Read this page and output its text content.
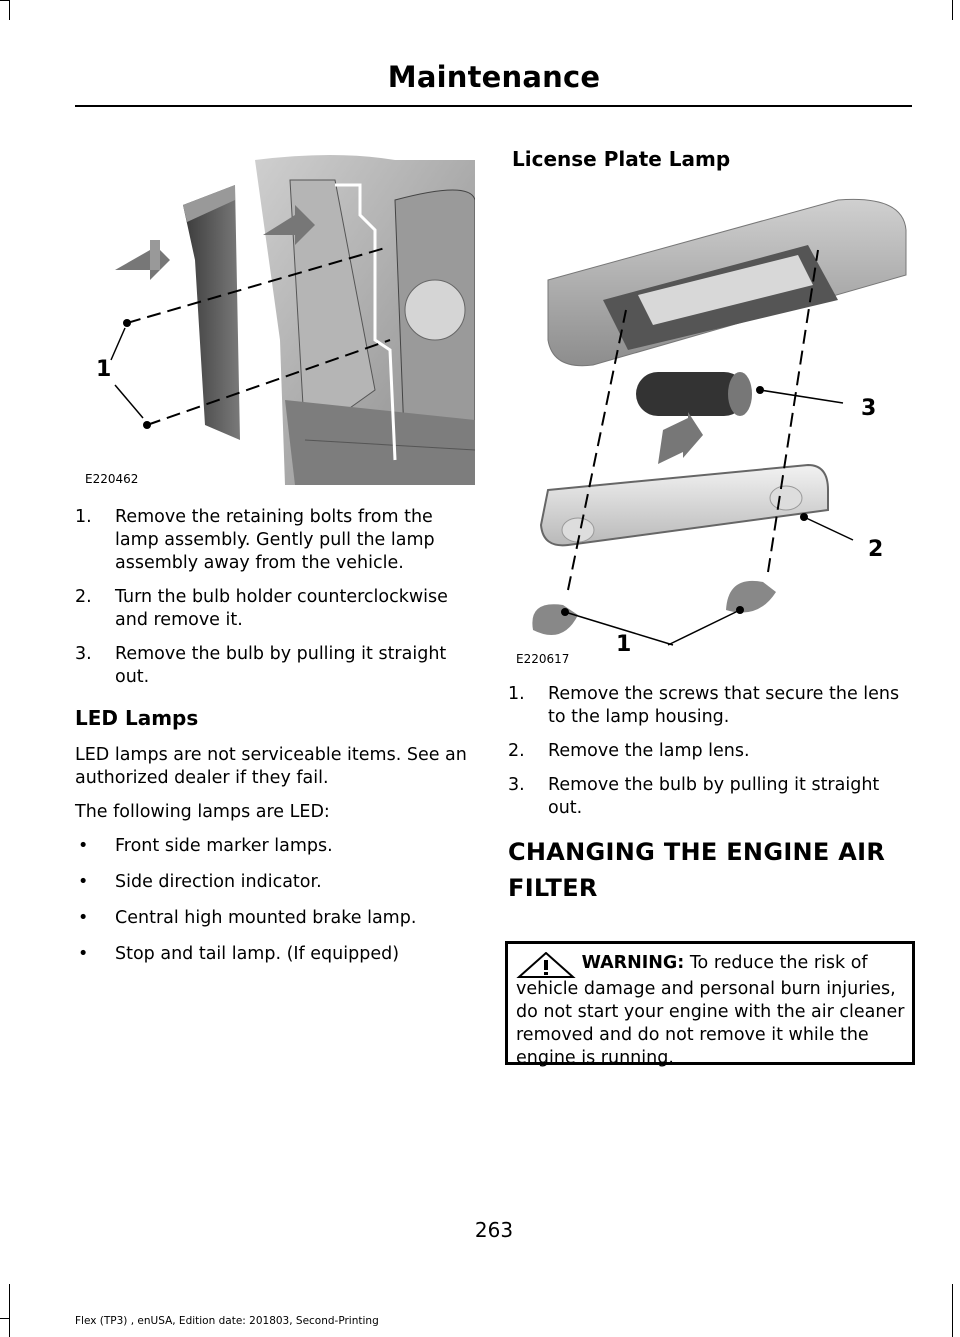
Maintenance
1
E220462
1. Remove the retaining bolts from the lamp assembly. Gently pull the lamp assembly away from the vehicle.
2. Turn the bulb holder counterclockwise and remove it.
3. Remove the bulb by pulling it straight out.
LED Lamps

LED lamps are not serviceable items. See an authorized dealer if they fail.

The following lamps are LED:

• Front side marker lamps.
• Side direction indicator.
• Central high mounted brake lamp.
• Stop and tail lamp. (If equipped)
License Plate Lamp
1
2
3
E220617
1. Remove the screws that secure the lens to the lamp housing.
2. Remove the lamp lens.
3. Remove the bulb by pulling it straight out.
CHANGING THE ENGINE AIR
FILTER
WARNING: To reduce the risk of vehicle damage and personal burn injuries, do not start your engine with the air cleaner removed and do not remove it while the engine is running.
263
Flex (TP3) , enUSA, Edition date: 201803, Second-Printing
